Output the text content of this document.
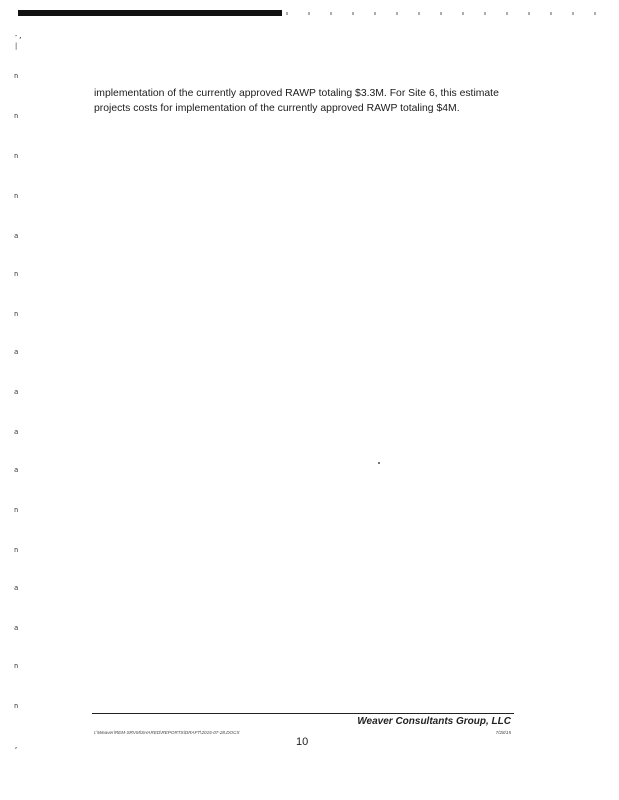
-,
|
n
n
n
n
a
n
n
a
a
a
a
n
n
a
a
n
n
,

implementation of the currently approved RAWP totaling $3.3M. For Site 6, this estimate

projects costs for implementation of the currently approved RAWP totaling $4M.

Weaver Consultants Group, LLC
I:\Weaver\REM-SRVM\SHARED\REPORTS\DRAFT\2015-07-28.DOCX	7/28/15
10
